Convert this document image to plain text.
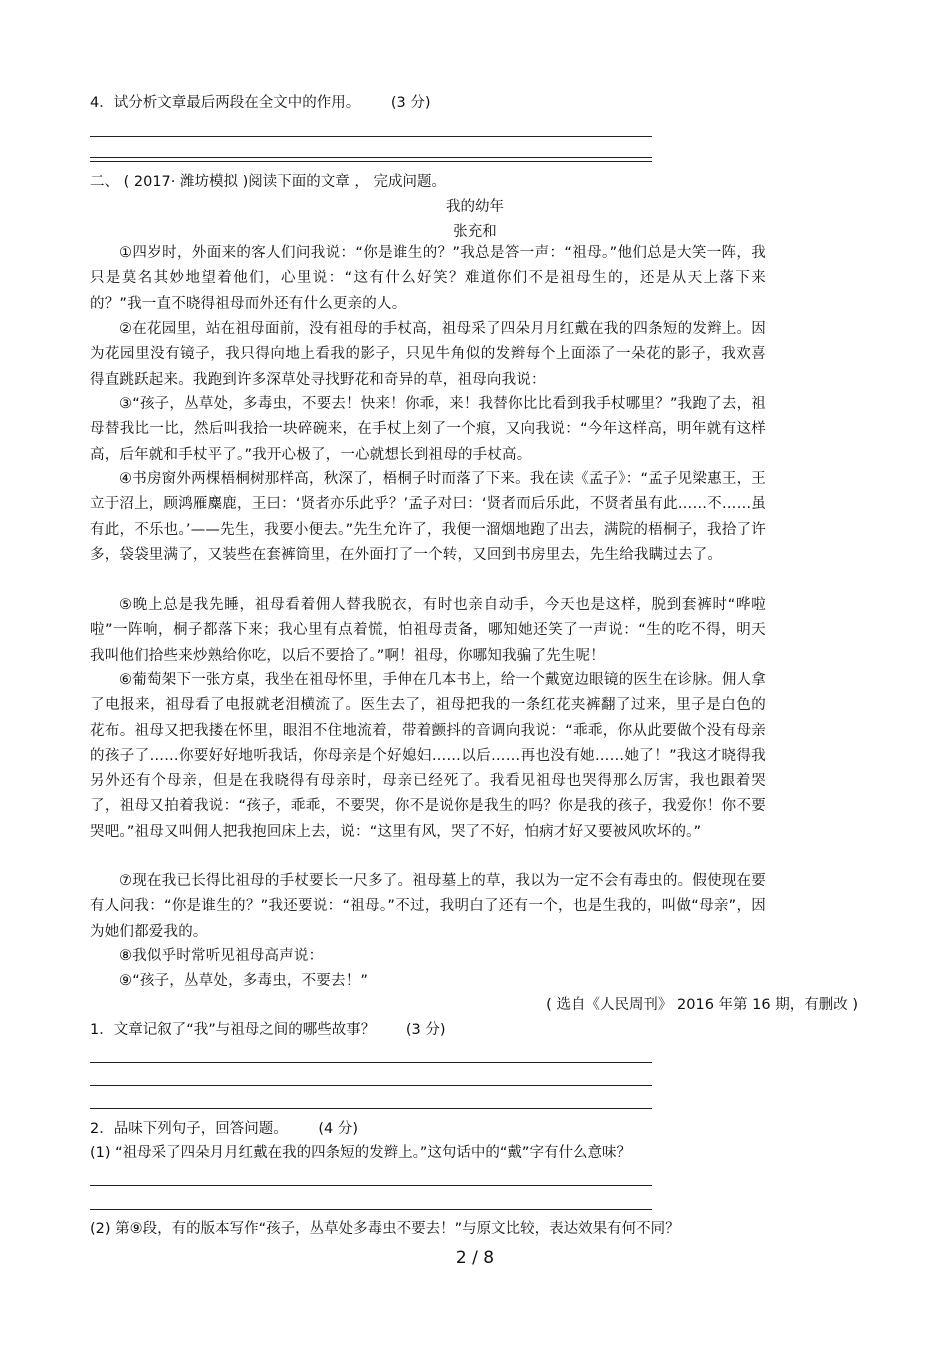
4．试分析文章最后两段在全文中的作用。 (3 分)
二、 ( 2017· 潍坊模拟 )阅读下面的文章 ， 完成问题。
我的幼年
张充和
①四岁时，外面来的客人们问我说：“你是谁生的？”我总是答一声：“祖母。”他们总是大笑一阵，我只是莫名其妙地望着他们，心里说：“这有什么好笑？难道你们不是祖母生的，还是从天上落下来的？”我一直不晓得祖母而外还有什么更亲的人。
②在花园里，站在祖母面前，没有祖母的手杖高，祖母采了四朵月月红戴在我的四条短的发辫上。因为花园里没有镜子，我只得向地上看我的影子，只见牛角似的发辫每个上面添了一朵花的影子，我欢喜得直跳跃起来。我跑到许多深草处寻找野花和奇异的草，祖母向我说：
③“孩子，丛草处，多毒虫，不要去！快来！你乖，来！我替你比比看到我手杖哪里？”我跑了去，祖母替我比一比，然后叫我拾一块碎碗来，在手杖上刻了一个痕，又向我说：“今年这样高，明年就有这样高，后年就和手杖平了。”我开心极了，一心就想长到祖母的手杖高。
④书房窗外两棵梧桐树那样高，秋深了，梧桐子时而落了下来。我在读《孟子》：“孟子见梁惠王，王立于沼上，顾鸿雁麋鹿，王曰：‘贤者亦乐此乎？’孟子对曰：‘贤者而后乐此，不贤者虽有此……不……虽有此，不乐也。’——先生，我要小便去。”先生允许了，我便一溜烟地跑了出去，满院的梧桐子，我拾了许多，袋袋里满了，又装些在套裤筒里，在外面打了一个转，又回到书房里去，先生给我瞒过去了。
⑤晚上总是我先睡，祖母看着佣人替我脱衣，有时也亲自动手，今天也是这样，脱到套裤时“哗啦啦”一阵响，桐子都落下来；我心里有点着慌，怕祖母责备，哪知她还笑了一声说：“生的吃不得，明天我叫他们拾些来炒熟给你吃，以后不要拾了。”啊！祖母，你哪知我骗了先生呢！
⑥葡萄架下一张方桌，我坐在祖母怀里，手伸在几本书上，给一个戴宽边眼镜的医生在诊脉。佣人拿了电报来，祖母看了电报就老泪横流了。医生去了，祖母把我的一条红花夹裤翻了过来，里子是白色的花布。祖母又把我搂在怀里，眼泪不住地流着，带着颤抖的音调向我说：“乖乖，你从此要做个没有母亲的孩子了……你要好好地听我话，你母亲是个好媳妇……以后……再也没有她……她了！”我这才晓得我另外还有个母亲，但是在我晓得有母亲时，母亲已经死了。我看见祖母也哭得那么厉害，我也跟着哭了，祖母又拍着我说：“孩子，乖乖，不要哭，你不是说你是我生的吗？你是我的孩子，我爱你！你不要哭吧。”祖母又叫佣人把我抱回床上去，说：“这里有风，哭了不好，怕病才好又要被风吹坏的。”
⑦现在我已长得比祖母的手杖要长一尺多了。祖母墓上的草，我以为一定不会有毒虫的。假使现在要有人问我：“你是谁生的？”我还要说：“祖母。”不过，我明白了还有一个，也是生我的，叫做“母亲”，因为她们都爱我的。
⑧我似乎时常听见祖母高声说：
⑨“孩子，丛草处，多毒虫，不要去！”
( 选自《人民周刊》 2016 年第 16 期，有删改 )
1．文章记叙了“我”与祖母之间的哪些故事？ (3 分)
2．品味下列句子，回答问题。 (4 分)
(1) “祖母采了四朵月月红戴在我的四条短的发辫上。”这句话中的“戴”字有什么意味？
(2) 第⑨段，有的版本写作“孩子，丛草处多毒虫不要去！”与原文比较，表达效果有何不同？
2 / 8
